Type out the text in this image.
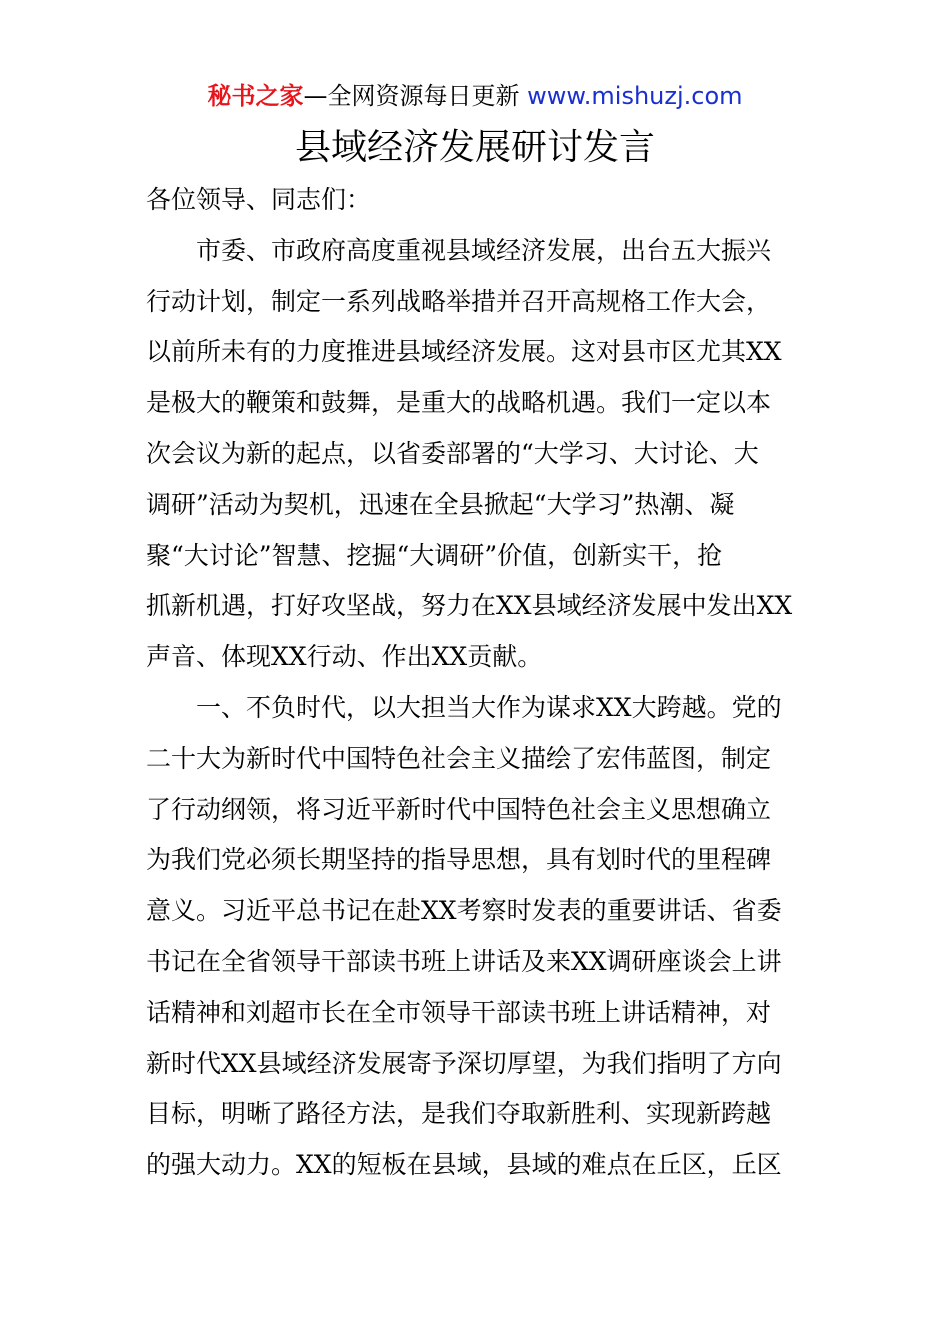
秘书之家—全网资源每日更新 www.mishuzj.com
县域经济发展研讨发言
各位领导、同志们：
市委、市政府高度重视县域经济发展，出台五大振兴
行动计划，制定一系列战略举措并召开高规格工作大会，
以前所未有的力度推进县域经济发展。这对县市区尤其XX
是极大的鞭策和鼓舞，是重大的战略机遇。我们一定以本
次会议为新的起点，以省委部署的“大学习、大讨论、大
调研”活动为契机，迅速在全县掀起“大学习”热潮、凝
聚“大讨论”智慧、挖掘“大调研”价值，创新实干，抢
抓新机遇，打好攻坚战，努力在XX县域经济发展中发出XX
声音、体现XX行动、作出XX贡献。
一、不负时代，以大担当大作为谋求XX大跨越。党的
二十大为新时代中国特色社会主义描绘了宏伟蓝图，制定
了行动纲领，将习近平新时代中国特色社会主义思想确立
为我们党必须长期坚持的指导思想，具有划时代的里程碑
意义。习近平总书记在赴XX考察时发表的重要讲话、省委
书记在全省领导干部读书班上讲话及来XX调研座谈会上讲
话精神和刘超市长在全市领导干部读书班上讲话精神，对
新时代XX县域经济发展寄予深切厚望，为我们指明了方向
目标，明晰了路径方法，是我们夺取新胜利、实现新跨越
的强大动力。XX的短板在县域，县域的难点在丘区，丘区
